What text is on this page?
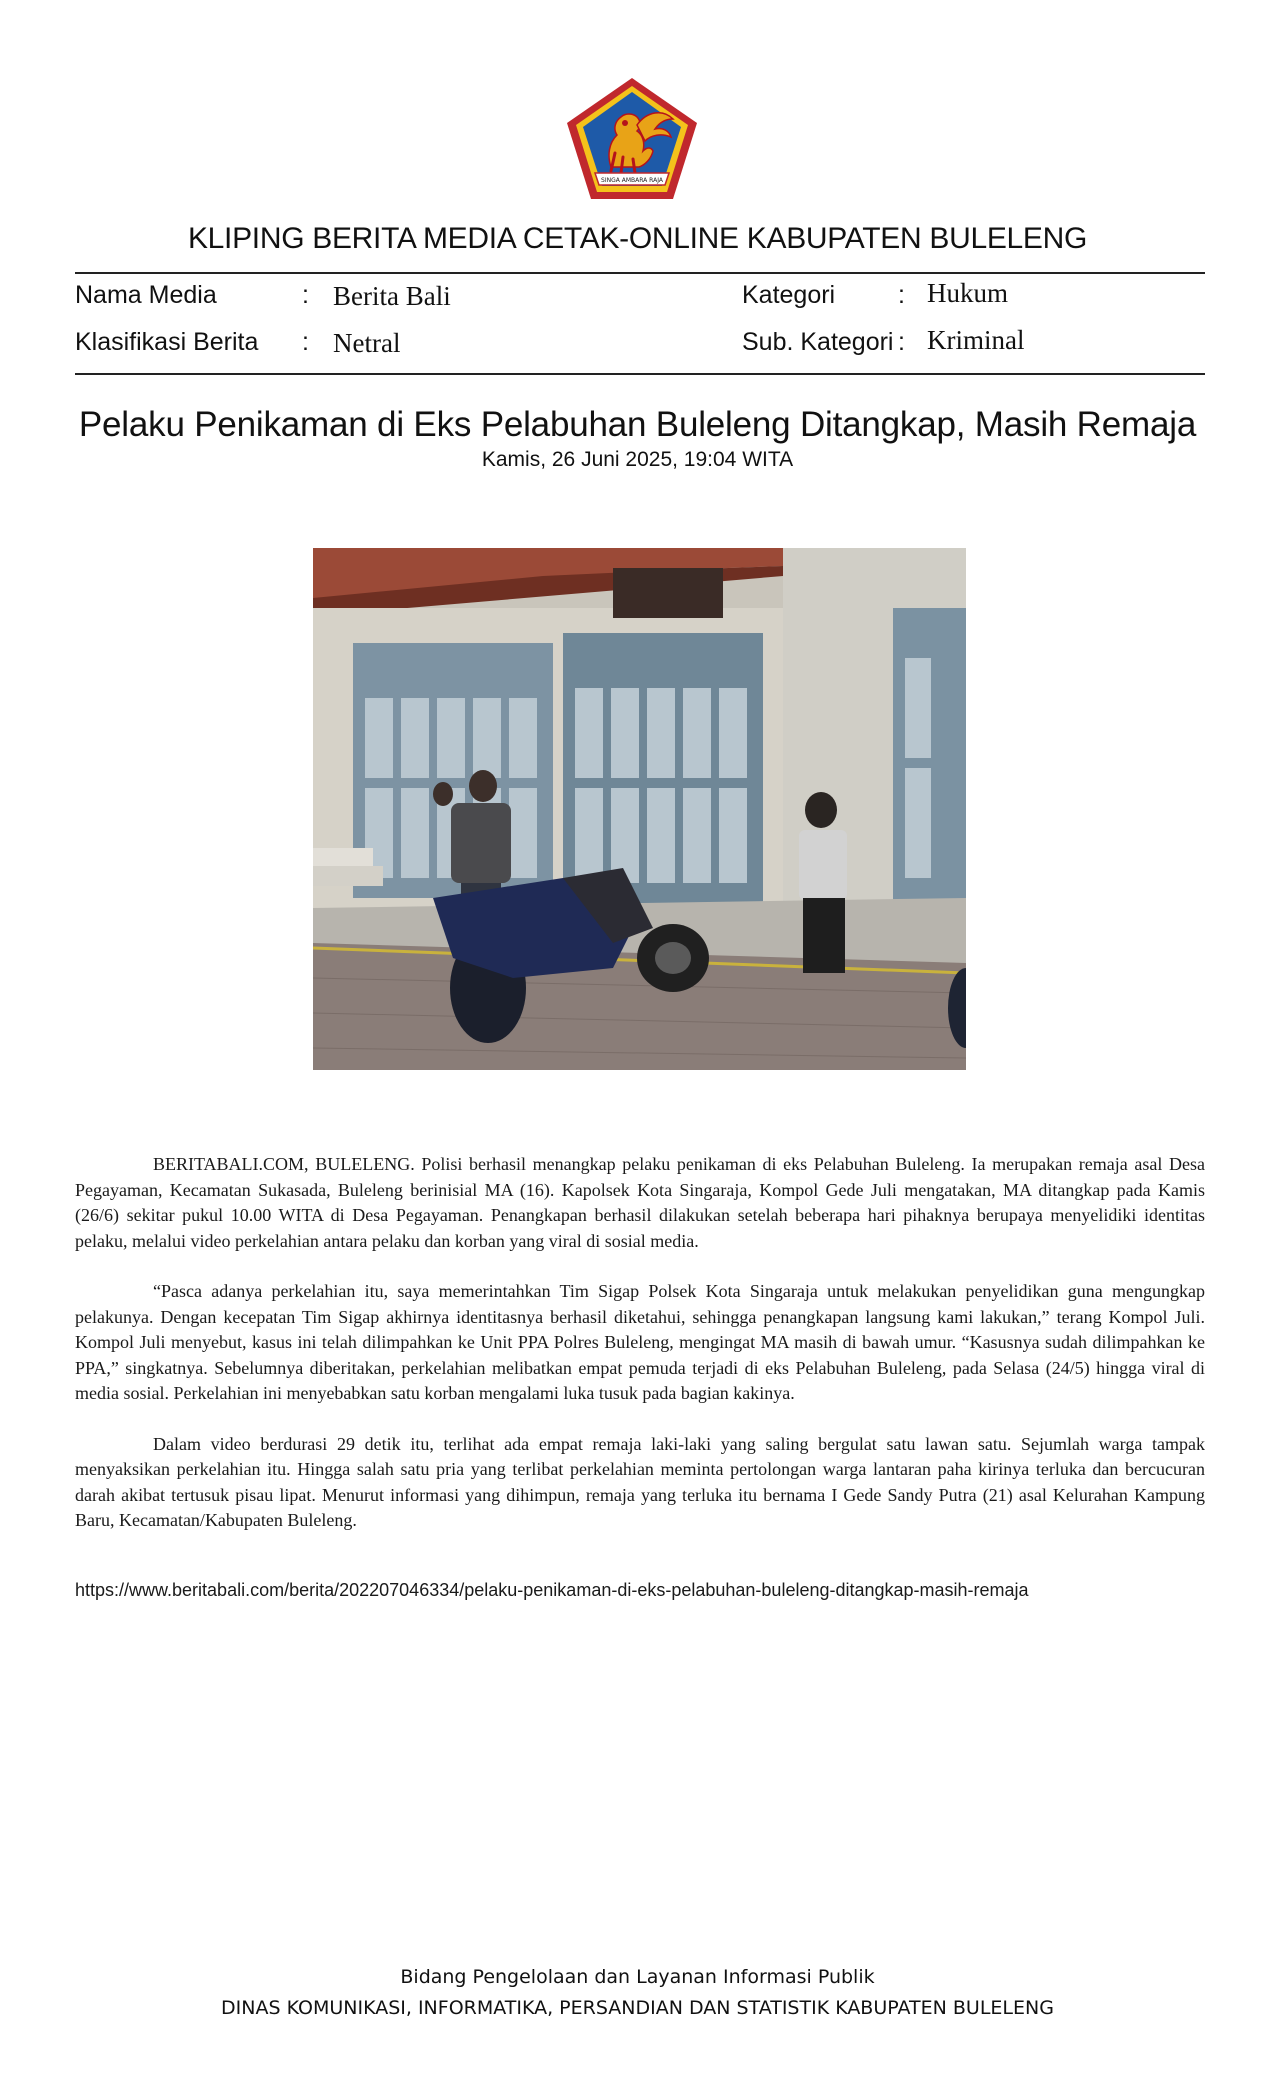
SINGA AMBARA RAJA
KLIPING BERITA MEDIA CETAK-ONLINE KABUPATEN BULELENG
Nama Media	: Berita Bali	Kategori	: Hukum
Klasifikasi Berita : Netral	Sub. Kategori : Kriminal
Pelaku Penikaman di Eks Pelabuhan Buleleng Ditangkap, Masih Remaja
Kamis, 26 Juni 2025, 19:04 WITA

BERITABALI.COM, BULELENG. Polisi berhasil menangkap pelaku penikaman di eks Pelabuhan Buleleng. Ia merupakan remaja asal Desa Pegayaman, Kecamatan Sukasada, Buleleng berinisial MA (16). Kapolsek Kota Singaraja, Kompol Gede Juli mengatakan, MA ditangkap pada Kamis (26/6) sekitar pukul 10.00 WITA di Desa Pegayaman. Penangkapan berhasil dilakukan setelah beberapa hari pihaknya berupaya menyelidiki identitas pelaku, melalui video perkelahian antara pelaku dan korban yang viral di sosial media.

“Pasca adanya perkelahian itu, saya memerintahkan Tim Sigap Polsek Kota Singaraja untuk melakukan penyelidikan guna mengungkap pelakunya. Dengan kecepatan Tim Sigap akhirnya identitasnya berhasil diketahui, sehingga penangkapan langsung kami lakukan,” terang Kompol Juli. Kompol Juli menyebut, kasus ini telah dilimpahkan ke Unit PPA Polres Buleleng, mengingat MA masih di bawah umur. “Kasusnya sudah dilimpahkan ke PPA,” singkatnya. Sebelumnya diberitakan, perkelahian melibatkan empat pemuda terjadi di eks Pelabuhan Buleleng, pada Selasa (24/5) hingga viral di media sosial. Perkelahian ini menyebabkan satu korban mengalami luka tusuk pada bagian kakinya.

Dalam video berdurasi 29 detik itu, terlihat ada empat remaja laki-laki yang saling bergulat satu lawan satu. Sejumlah warga tampak menyaksikan perkelahian itu. Hingga salah satu pria yang terlibat perkelahian meminta pertolongan warga lantaran paha kirinya terluka dan bercucuran darah akibat tertusuk pisau lipat. Menurut informasi yang dihimpun, remaja yang terluka itu bernama I Gede Sandy Putra (21) asal Kelurahan Kampung Baru, Kecamatan/Kabupaten Buleleng.

https://www.beritabali.com/berita/202207046334/pelaku-penikaman-di-eks-pelabuhan-buleleng-ditangkap-masih-remaja
Bidang Pengelolaan dan Layanan Informasi Publik
DINAS KOMUNIKASI, INFORMATIKA, PERSANDIAN DAN STATISTIK KABUPATEN BULELENG
